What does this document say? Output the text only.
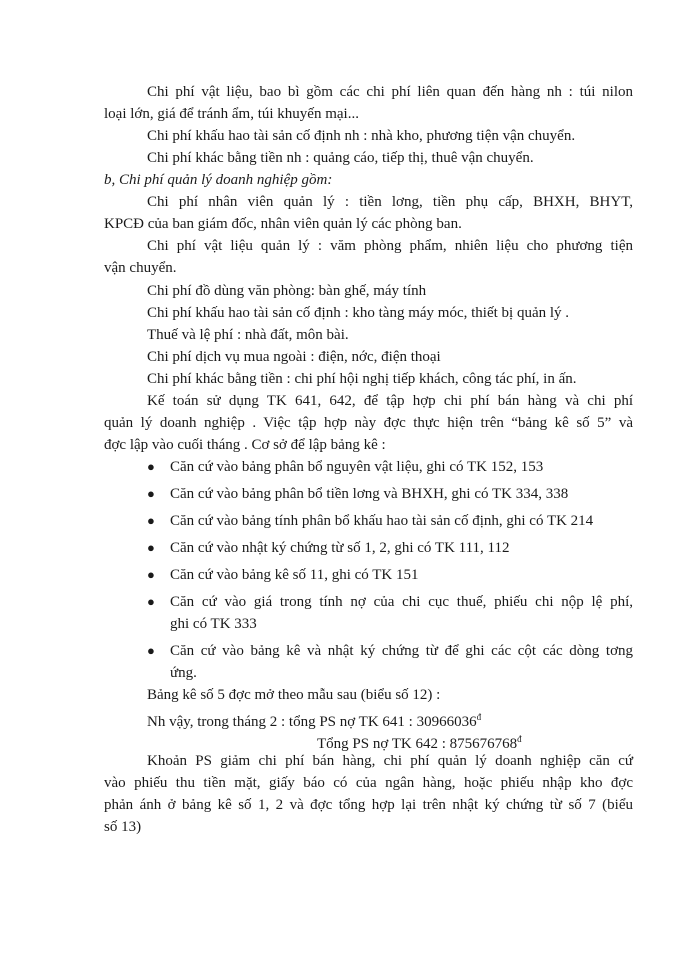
Chi phí vật liệu, bao bì gồm các chi phí liên quan đến hàng nh : túi nilon
loại lớn, giá để tránh ẩm, túi khuyến mại...
Chi phí khấu hao tài sản cố định nh : nhà kho, phương tiện vận chuyển.
Chi phí khác bằng tiền nh : quảng cáo, tiếp thị, thuê vận chuyển.
b, Chi phí quản lý doanh nghiệp gồm:
Chi phí nhân viên quản lý : tiền lơng, tiền phụ cấp, BHXH, BHYT,
KPCĐ của ban giám đốc, nhân viên quản lý các phòng ban.
Chi phí vật liệu quản lý : văm phòng phẩm, nhiên liệu cho phương tiện
vận chuyển.
Chi phí đồ dùng văn phòng: bàn ghế, máy tính
Chi phí khấu hao tài sản cố định : kho tàng máy móc, thiết bị quản lý .
Thuế và lệ phí : nhà đất, môn bài.
Chi phí dịch vụ mua ngoài : điện, nớc, điện thoại
Chi phí khác bằng tiền : chi phí hội nghị tiếp khách, công tác phí, in ấn.
Kế toán sử dụng TK 641, 642, để tập hợp chi phí bán hàng và chi phí
quản lý doanh nghiệp . Việc tập hợp này đợc thực hiện trên “bảng kê số 5” và
đợc lập vào cuối tháng . Cơ sở để lập bảng kê :
● Căn cứ vào bảng phân bổ nguyên vật liệu, ghi có TK 152, 153
● Căn cứ vào bảng phân bổ tiền lơng và BHXH, ghi có TK 334, 338
● Căn cứ vào bảng tính phân bổ khấu hao tài sản cố định, ghi có TK 214
● Căn cứ vào nhật ký chứng từ số 1, 2, ghi có TK 111, 112
● Căn cứ vào bảng kê số 11, ghi có TK 151
● Căn cứ vào giá trong tính nợ của chi cục thuế, phiếu chi nộp lệ phí,
ghi có TK 333
● Căn cứ vào bảng kê và nhật ký chứng từ để ghi các cột các dòng tơng
ứng.
Bảng kê số 5 đợc mở theo mẫu sau (biểu số 12) :
Nh vậy, trong tháng 2 : tổng PS nợ TK 641 : $30966036^đ$
Tổng PS nợ TK 642 : $875676768^đ$
Khoản PS giảm chi phí bán hàng, chi phí quản lý doanh nghiệp căn cứ
vào phiếu thu tiền mặt, giấy báo có của ngân hàng, hoặc phiếu nhập kho đợc
phản ánh ở bảng kê số 1, 2 và đợc tổng hợp lại trên nhật ký chứng từ số 7 (biểu
số 13)
